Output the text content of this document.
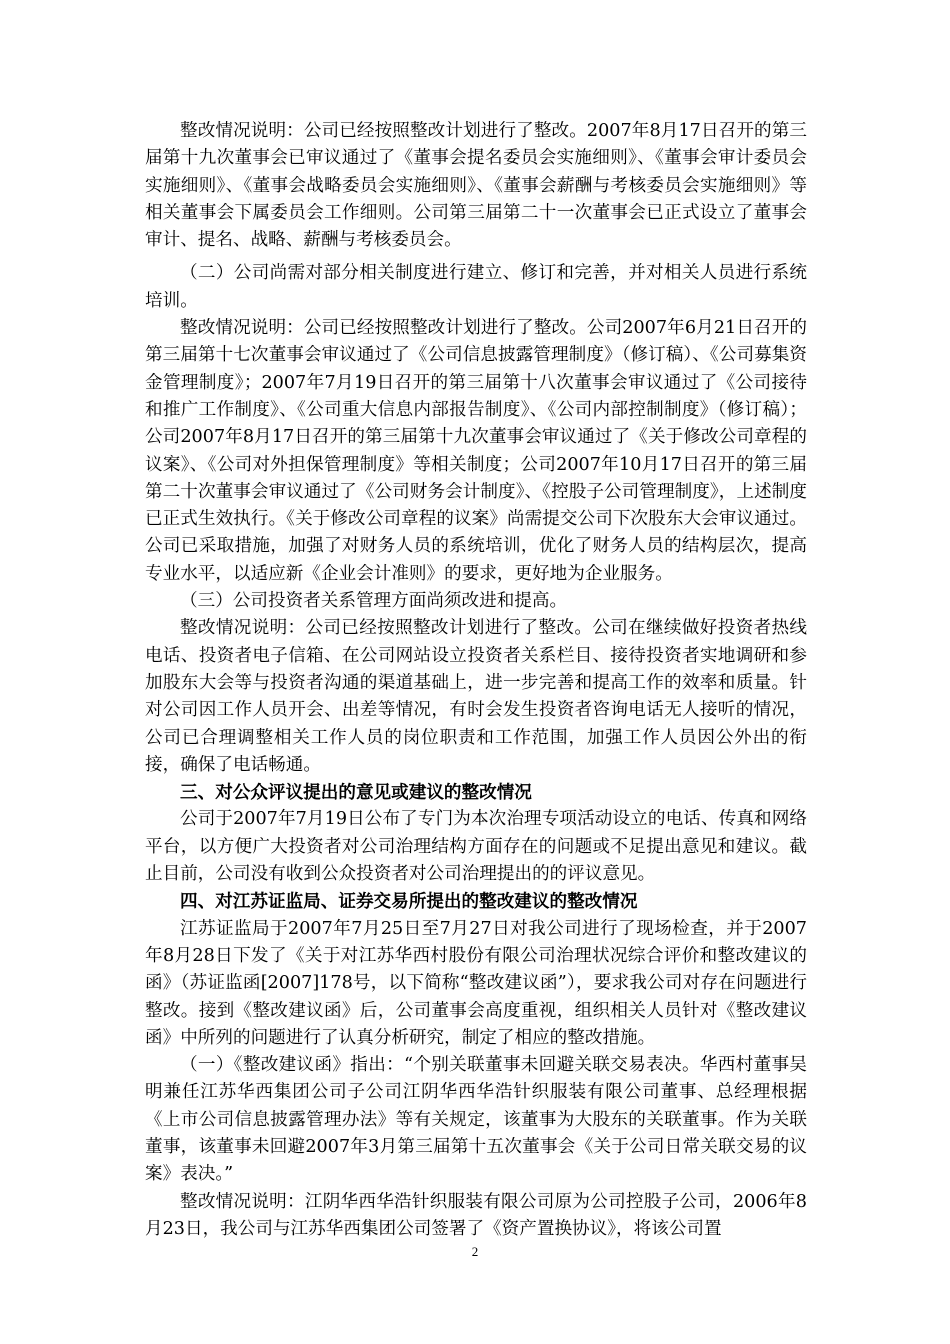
整改情况说明：公司已经按照整改计划进行了整改。2007年8月17日召开的第三届第十九次董事会已审议通过了《董事会提名委员会实施细则》、《董事会审计委员会实施细则》、《董事会战略委员会实施细则》、《董事会薪酬与考核委员会实施细则》等相关董事会下属委员会工作细则。公司第三届第二十一次董事会已正式设立了董事会审计、提名、战略、薪酬与考核委员会。

（二）公司尚需对部分相关制度进行建立、修订和完善，并对相关人员进行系统培训。

整改情况说明：公司已经按照整改计划进行了整改。公司2007年6月21日召开的第三届第十七次董事会审议通过了《公司信息披露管理制度》（修订稿）、《公司募集资金管理制度》；2007年7月19日召开的第三届第十八次董事会审议通过了《公司接待和推广工作制度》、《公司重大信息内部报告制度》、《公司内部控制制度》（修订稿）；公司2007年8月17日召开的第三届第十九次董事会审议通过了《关于修改公司章程的议案》、《公司对外担保管理制度》等相关制度；公司2007年10月17日召开的第三届第二十次董事会审议通过了《公司财务会计制度》、《控股子公司管理制度》，上述制度已正式生效执行。《关于修改公司章程的议案》尚需提交公司下次股东大会审议通过。公司已采取措施，加强了对财务人员的系统培训，优化了财务人员的结构层次，提高专业水平，以适应新《企业会计准则》的要求，更好地为企业服务。

（三）公司投资者关系管理方面尚须改进和提高。

整改情况说明：公司已经按照整改计划进行了整改。公司在继续做好投资者热线电话、投资者电子信箱、在公司网站设立投资者关系栏目、接待投资者实地调研和参加股东大会等与投资者沟通的渠道基础上，进一步完善和提高工作的效率和质量。针对公司因工作人员开会、出差等情况，有时会发生投资者咨询电话无人接听的情况，公司已合理调整相关工作人员的岗位职责和工作范围，加强工作人员因公外出的衔接，确保了电话畅通。

三、对公众评议提出的意见或建议的整改情况

公司于2007年7月19日公布了专门为本次治理专项活动设立的电话、传真和网络平台，以方便广大投资者对公司治理结构方面存在的问题或不足提出意见和建议。截止目前，公司没有收到公众投资者对公司治理提出的的评议意见。

四、对江苏证监局、证券交易所提出的整改建议的整改情况

江苏证监局于2007年7月25日至7月27日对我公司进行了现场检查，并于2007年8月28日下发了《关于对江苏华西村股份有限公司治理状况综合评价和整改建议的函》（苏证监函[2007]178号，以下简称“整改建议函”），要求我公司对存在问题进行整改。接到《整改建议函》后，公司董事会高度重视，组织相关人员针对《整改建议函》中所列的问题进行了认真分析研究，制定了相应的整改措施。

（一）《整改建议函》指出：“个别关联董事未回避关联交易表决。华西村董事吴明兼任江苏华西集团公司子公司江阴华西华浩针织服装有限公司董事、总经理根据《上市公司信息披露管理办法》等有关规定，该董事为大股东的关联董事。作为关联董事，该董事未回避2007年3月第三届第十五次董事会《关于公司日常关联交易的议案》表决。”

整改情况说明：江阴华西华浩针织服装有限公司原为公司控股子公司，2006年8月23日，我公司与江苏华西集团公司签署了《资产置换协议》，将该公司置

2
